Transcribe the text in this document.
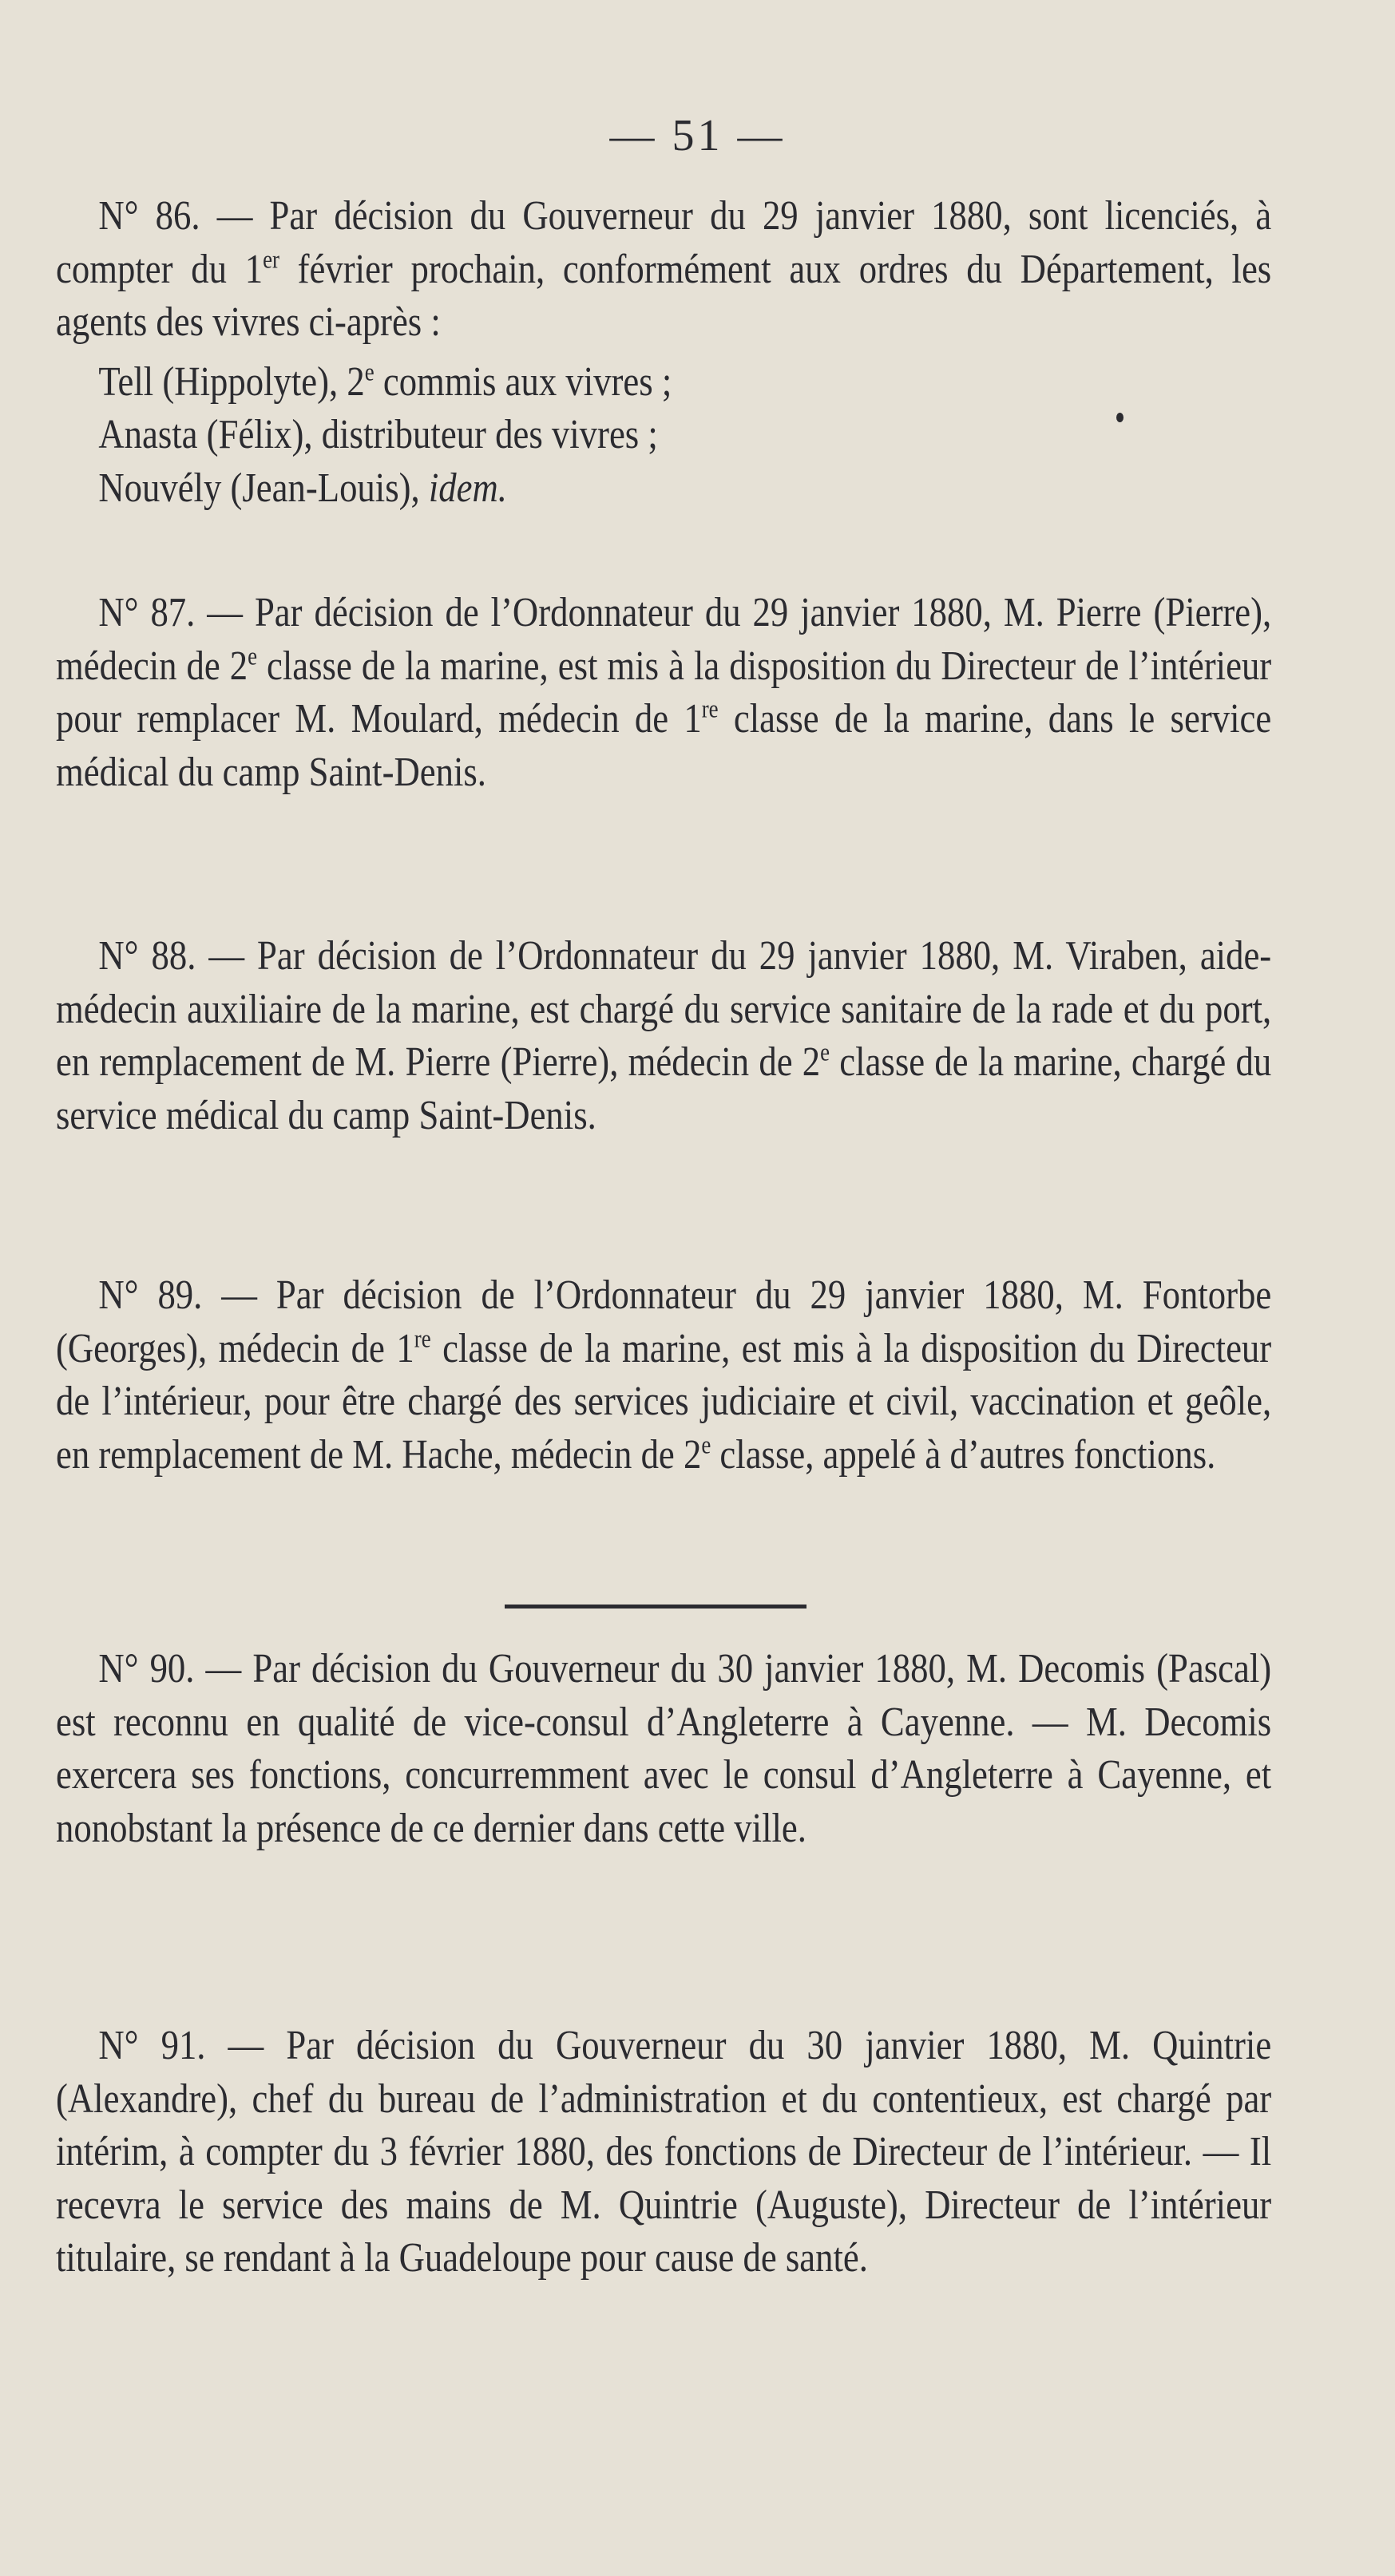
— 51 —

N° 86. — Par décision du Gouverneur du 29 janvier 1880, sont licenciés, à compter du 1er février prochain, conformément aux ordres du Département, les agents des vivres ci-après :

Tell (Hippolyte), 2e commis aux vivres ;
Anasta (Félix), distributeur des vivres ;
Nouvély (Jean-Louis), idem.

N° 87. — Par décision de l’Ordonnateur du 29 janvier 1880, M. Pierre (Pierre), médecin de 2e classe de la marine, est mis à la disposition du Directeur de l’intérieur pour remplacer M. Moulard, médecin de 1re classe de la marine, dans le service médical du camp Saint-Denis.

N° 88. — Par décision de l’Ordonnateur du 29 janvier 1880, M. Viraben, aide-médecin auxiliaire de la marine, est chargé du service sanitaire de la rade et du port, en remplacement de M. Pierre (Pierre), médecin de 2e classe de la marine, chargé du service médical du camp Saint-Denis.

N° 89. — Par décision de l’Ordonnateur du 29 janvier 1880, M. Fontorbe (Georges), médecin de 1re classe de la marine, est mis à la disposition du Directeur de l’intérieur, pour être chargé des services judiciaire et civil, vaccination et geôle, en remplacement de M. Hache, médecin de 2e classe, appelé à d’autres fonctions.

N° 90. — Par décision du Gouverneur du 30 janvier 1880, M. Decomis (Pascal) est reconnu en qualité de vice-consul d’Angleterre à Cayenne. — M. Decomis exercera ses fonctions, concurremment avec le consul d’Angleterre à Cayenne, et nonobstant la présence de ce dernier dans cette ville.

N° 91. — Par décision du Gouverneur du 30 janvier 1880, M. Quintrie (Alexandre), chef du bureau de l’administration et du contentieux, est chargé par intérim, à compter du 3 février 1880, des fonctions de Directeur de l’intérieur. — Il recevra le service des mains de M. Quintrie (Auguste), Directeur de l’intérieur titulaire, se rendant à la Guadeloupe pour cause de santé.
